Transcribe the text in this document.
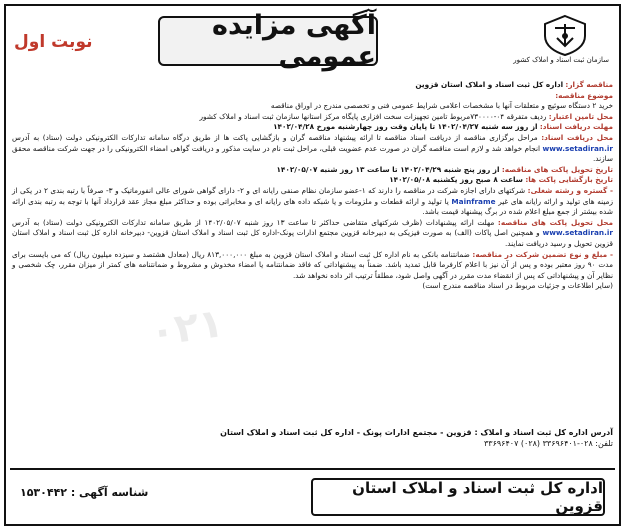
سازمان ثبت اسناد و املاک کشور
آگهی مزایده عمومی
نوبت اول

مناقصه گزار: اداره کل ثبت اسناد و املاک استان قزوین

موضوع مناقصه:

خرید ۲ دستگاه سوئیچ و متعلقات آنها با مشخصات اعلامی شرایط عمومی فنی و تخصصی مندرج در اوراق مناقصه

محل تامین اعتبار: ردیف متفرقه ۰۴-۷۳۰۰۰۰مربوط تامین تجهیزات سخت افزاری پایگاه مرکز استانها سازمان ثبت اسناد و املاک کشور

مهلت دریافت اسناد: از روز سه شنبه ۱۴۰۲/۰۴/۲۷ تا پایان وقت روز چهارشنبه مورخ ۱۴۰۲/۰۴/۲۸

محل دریافت اسناد: مراحل برگزاری مناقصه از دریافت اسناد مناقصه تا ارائه پیشنهاد مناقصه گران و بازگشایی پاکت ها از طریق درگاه سامانه تدارکات الکترونیکی دولت (ستاد) به آدرس www.setadiran.ir انجام خواهد شد و لازم است مناقصه گران در صورت عدم عضویت قبلی، مراحل ثبت نام در سایت مذکور و دریافت گواهی امضاء الکترونیکی را در جهت شرکت مناقصه محقق سازند.

تاریخ تحویل پاکت های مناقصه: از روز پنج شنبه ۱۴۰۲/۰۴/۲۹ تا ساعت ۱۳ روز شنبه ۱۴۰۲/۰۵/۰۷

تاریخ بازگشایی پاکت ها: ساعت ۸ صبح روز یکشنبه ۱۴۰۲/۰۵/۰۸

- گستره و رشته شغلی: شرکتهای دارای اجازه شرکت در مناقصه را دارند که ۱-عضو سازمان نظام صنفی رایانه ای و ۲- دارای گواهی شورای عالی انفورماتیک و ۳- صرفاً با رتبه بندی ۲ در یکی از زمینه های تولید و ارائه رایانه های غیر Mainframe یا تولید و ارائه قطعات و ملزومات و یا شبکه داده های رایانه ای و مخابراتی بوده و حداکثر مبلغ مجاز عقد قرارداد آنها با توجه به رتبه بندی ارائه شده بیشتر از جمع مبلغ اعلام شده در برگ پیشنهاد قیمت باشد.

محل تحویل پاکت های مناقصه: مهلت ارائه پیشنهادات (ظرف شرکتهای متقاضی حداکثر تا ساعت ۱۳ روز شنبه ۱۴۰۲/۰۵/۰۷ از طریق سامانه تدارکات الکترونیکی دولت (ستاد) به آدرس www.setadiran.ir و همچنین اصل پاکات (الف) به صورت فیزیکی به دبیرخانه قزوین مجتمع ادارات پونک-اداره کل ثبت اسناد و املاک استان قزوین- دبیرخانه اداره کل ثبت اسناد و املاک استان قزوین تحویل و رسید دریافت نمایند.

- مبلغ و نوع تضمین شرکت در مناقصه: ضمانتنامه بانکی به نام اداره کل ثبت اسناد و املاک استان قزوین به مبلغ ۸۱۳,۰۰۰,۰۰۰ ریال (معادل هشتصد و سیزده میلیون ریال) که می بایست برای مدت ۹۰ روز معتبر بوده و پس از آن نیز با اعلام کارفرما قابل تمدید باشد. ضمناً به پیشنهاداتی که فاقد ضمانتنامه یا امضاء مخدوش و مشروط و ضمانتنامه های کمتر از میزان مقرر، چک شخصی و نظایر آن و پیشنهاداتی که پس از انقضاء مدت مقرر در آگهی واصل شود، مطلقاً ترتیب اثر داده نخواهد شد.

(سایر اطلاعات و جزئیات مربوط در اسناد مناقصه مندرج است)

۰۲۱
آدرس اداره کل ثبت اسناد و املاک : قزوین - مجتمع ادارات پونک - اداره کل ثبت اسناد و املاک استان
تلفن: ۰۲۸-۳۳۶۹۶۴۰۱ (۰۲۸) ۳۳۶۹۶۴۰۷
اداره کل ثبت اسناد و املاک استان قزوین
شناسه آگهی : ۱۵۳۰۴۴۲
